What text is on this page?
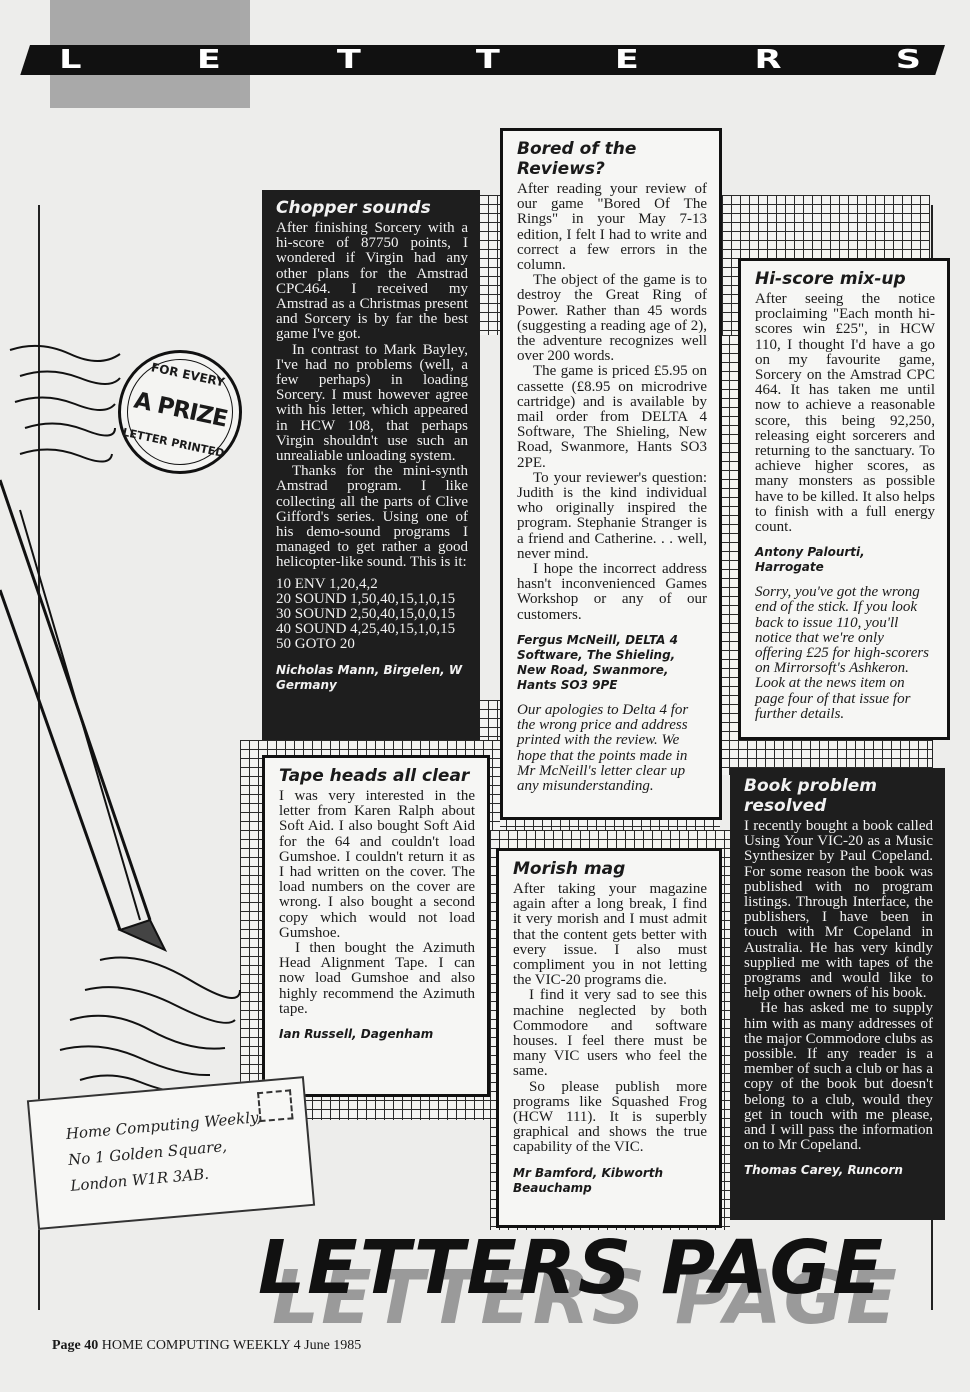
L	E	T	T	E	R	S
FOR EVERY
A PRIZE
LETTER PRINTED
Chopper sounds

After finishing Sorcery with a hi-score of 87750 points, I wondered if Virgin had any other plans for the Amstrad CPC464. I received my Amstrad as a Christmas present and Sorcery is by far the best game I've got.

In contrast to Mark Bayley, I've had no problems (well, a few perhaps) in loading Sorcery. I must however agree with his letter, which appeared in HCW 108, that perhaps Virgin shouldn't use such an unrealiable unloading system.

Thanks for the mini-synth Amstrad program. I like collecting all the parts of Clive Gifford's series. Using one of his demo-sound programs I managed to get rather a good helicopter-like sound. This is it:

10 ENV 1,20,4,2

20 SOUND 1,50,40,15,1,0,15

30 SOUND 2,50,40,15,0,0,15

40 SOUND 4,25,40,15,1,0,15

50 GOTO 20

Nicholas Mann, Birgelen, W Germany
Bored of the Reviews?

After reading your review of our game "Bored Of The Rings" in your May 7-13 edition, I felt I had to write and correct a few errors in the column.

The object of the game is to destroy the Great Ring of Power. Rather than 45 words (suggesting a reading age of 2), the adventure recognizes well over 200 words.

The game is priced £5.95 on cassette (£8.95 on microdrive cartridge) and is available by mail order from DELTA 4 Software, The Shieling, New Road, Swanmore, Hants SO3 2PE.

To your reviewer's question: Judith is the kind individual who originally inspired the program. Stephanie Stranger is a friend and Catherine. . . well, never mind.

I hope the incorrect address hasn't inconvenienced Games Workshop or any of our customers.

Fergus McNeill, DELTA 4 Software, The Shieling, New Road, Swanmore, Hants SO3 9PE
Our apologies to Delta 4 for the wrong price and address printed with the review. We hope that the points made in Mr McNeill's letter clear up any misunderstanding.
Hi-score mix-up

After seeing the notice proclaiming "Each month hi-scores win £25", in HCW 110, I thought I'd have a go on my favourite game, Sorcery on the Amstrad CPC 464. It has taken me until now to achieve a reasonable score, this being 92,250, releasing eight sorcerers and returning to the sanctuary. To achieve higher scores, as many monsters as possible have to be killed. It also helps to finish with a full energy count.

Antony Palourti, Harrogate
Sorry, you've got the wrong end of the stick. If you look back to issue 110, you'll notice that we're only offering £25 for high-scorers on Mirrorsoft's Ashkeron. Look at the news item on page four of that issue for further details.
Tape heads all clear

I was very interested in the letter from Karen Ralph about Soft Aid. I also bought Soft Aid for the 64 and couldn't load Gumshoe. I couldn't return it as I had written on the cover. The load numbers on the cover are wrong. I also bought a second copy which would not load Gumshoe.

I then bought the Azimuth Head Alignment Tape. I can now load Gumshoe and also highly recommend the Azimuth tape.

Ian Russell, Dagenham
Morish mag

After taking your magazine again after a long break, I find it very morish and I must admit that the content gets better with every issue. I also must compliment you in not letting the VIC-20 programs die.

I find it very sad to see this machine neglected by both Commodore and software houses. I feel there must be many VIC users who feel the same.

So please publish more programs like Squashed Frog (HCW 111). It is superbly graphical and shows the true capability of the VIC.

Mr Bamford, Kibworth Beauchamp
Book problem resolved

I recently bought a book called Using Your VIC-20 as a Music Synthesizer by Paul Copeland. For some reason the book was published with no program listings. Through Interface, the publishers, I have been in touch with Mr Copeland in Australia. He has very kindly supplied me with tapes of the programs and would like to help other owners of his book.

He has asked me to supply him with as many addresses of the major Commodore clubs as possible. If any reader is a member of such a club or has a copy of the book but doesn't belong to a club, would they get in touch with me please, and I will pass the information on to Mr Copeland.

Thomas Carey, Runcorn
Home Computing Weekly,
No 1 Golden Square,
London W1R 3AB.
LETTERS PAGE
Page 40 HOME COMPUTING WEEKLY 4 June 1985
